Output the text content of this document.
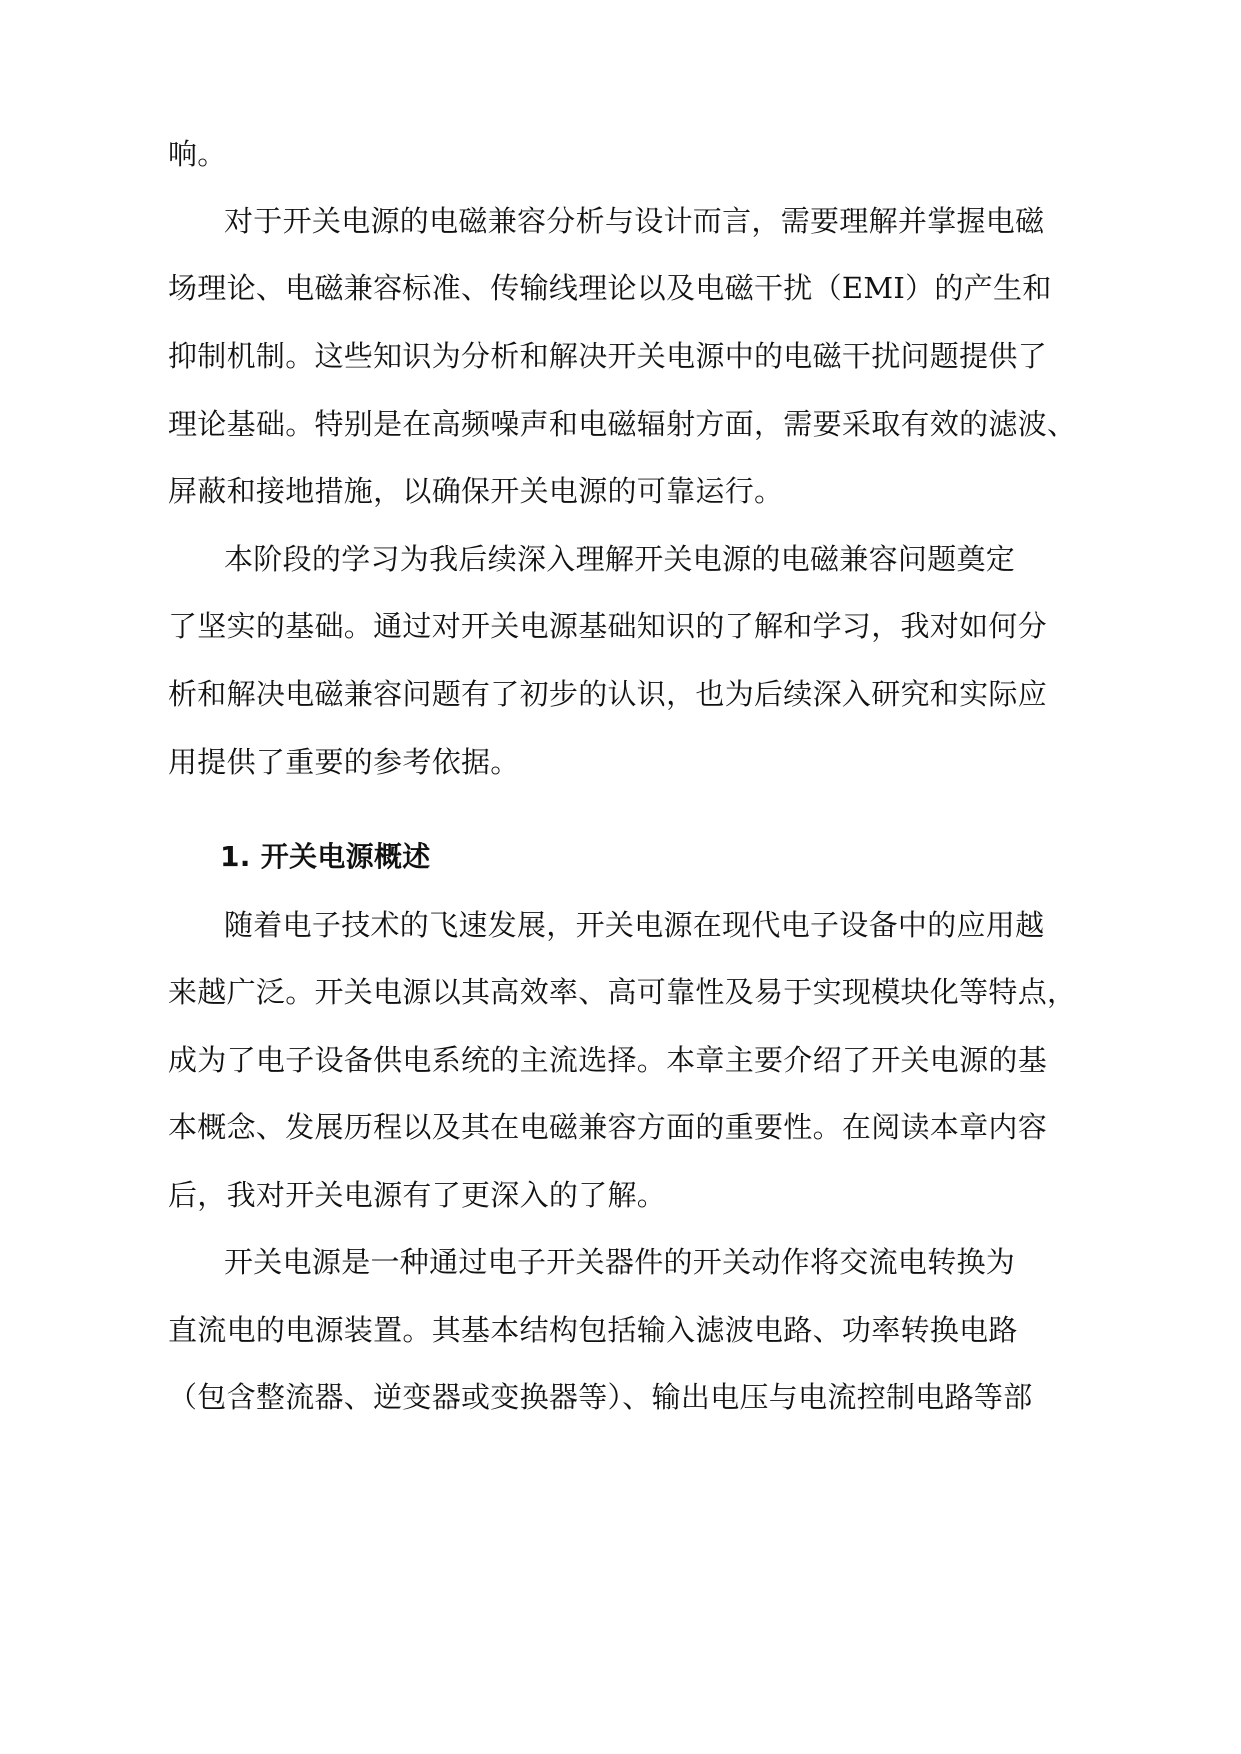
响。
对于开关电源的电磁兼容分析与设计而言，需要理解并掌握电磁
场理论、电磁兼容标准、传输线理论以及电磁干扰（EMI）的产生和
抑制机制。这些知识为分析和解决开关电源中的电磁干扰问题提供了
理论基础。特别是在高频噪声和电磁辐射方面，需要采取有效的滤波、
屏蔽和接地措施，以确保开关电源的可靠运行。
本阶段的学习为我后续深入理解开关电源的电磁兼容问题奠定
了坚实的基础。通过对开关电源基础知识的了解和学习，我对如何分
析和解决电磁兼容问题有了初步的认识，也为后续深入研究和实际应
用提供了重要的参考依据。
1. 开关电源概述
随着电子技术的飞速发展，开关电源在现代电子设备中的应用越
来越广泛。开关电源以其高效率、高可靠性及易于实现模块化等特点，
成为了电子设备供电系统的主流选择。本章主要介绍了开关电源的基
本概念、发展历程以及其在电磁兼容方面的重要性。在阅读本章内容
后，我对开关电源有了更深入的了解。
开关电源是一种通过电子开关器件的开关动作将交流电转换为
直流电的电源装置。其基本结构包括输入滤波电路、功率转换电路
（包含整流器、逆变器或变换器等）、输出电压与电流控制电路等部
